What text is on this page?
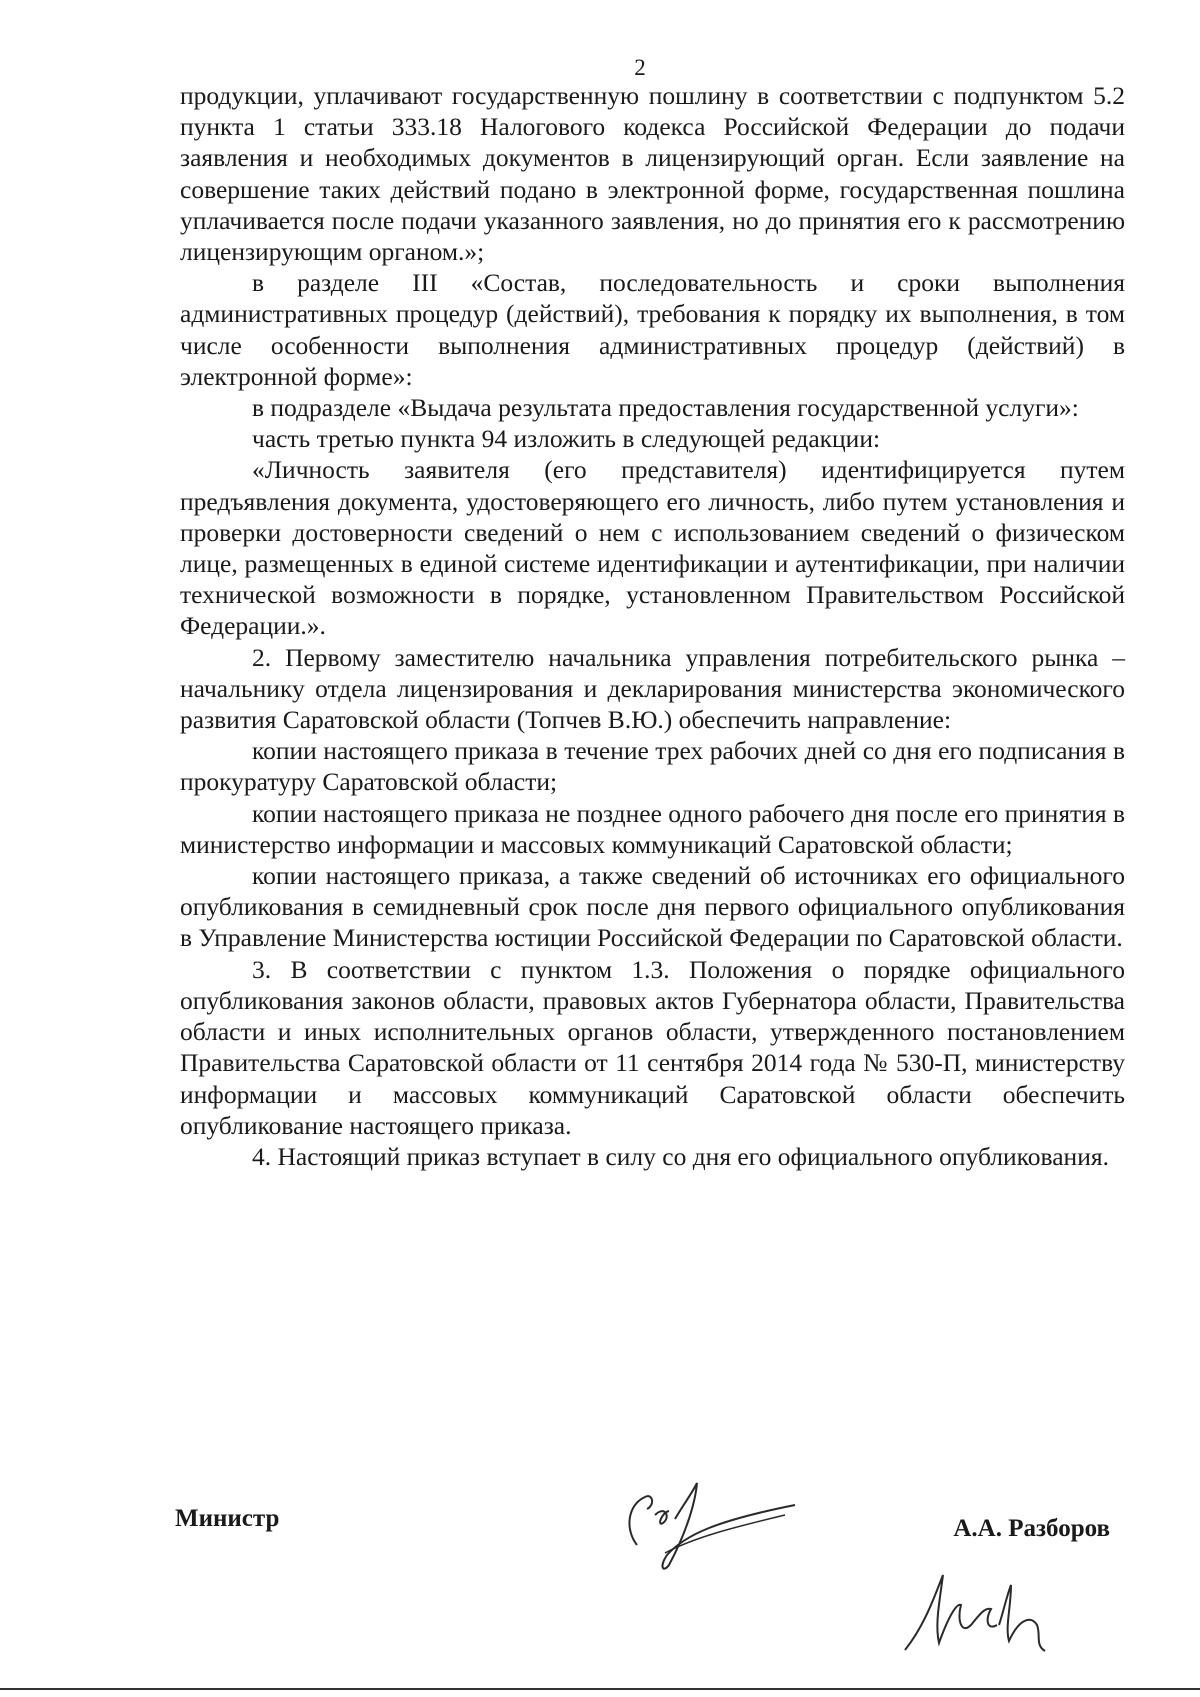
2

продукции, уплачивают государственную пошлину в соответствии с подпунктом 5.2 пункта 1 статьи 333.18 Налогового кодекса Российской Федерации до подачи заявления и необходимых документов в лицензирующий орган. Если заявление на совершение таких действий подано в электронной форме, государственная пошлина уплачивается после подачи указанного заявления, но до принятия его к рассмотрению лицензирующим органом.»;

в разделе III «Состав, последовательность и сроки выполнения административных процедур (действий), требования к порядку их выполнения, в том числе особенности выполнения административных процедур (действий) в электронной форме»:

в подразделе «Выдача результата предоставления государственной услуги»:

часть третью пункта 94 изложить в следующей редакции:

«Личность заявителя (его представителя) идентифицируется путем предъявления документа, удостоверяющего его личность, либо путем установления и проверки достоверности сведений о нем с использованием сведений о физическом лице, размещенных в единой системе идентификации и аутентификации, при наличии технической возможности в порядке, установленном Правительством Российской Федерации.».

2. Первому заместителю начальника управления потребительского рынка – начальнику отдела лицензирования и декларирования министерства экономического развития Саратовской области (Топчев В.Ю.) обеспечить направление:

копии настоящего приказа в течение трех рабочих дней со дня его подписания в прокуратуру Саратовской области;

копии настоящего приказа не позднее одного рабочего дня после его принятия в министерство информации и массовых коммуникаций Саратовской области;

копии настоящего приказа, а также сведений об источниках его официального опубликования в семидневный срок после дня первого официального опубликования в Управление Министерства юстиции Российской Федерации по Саратовской области.

3. В соответствии с пунктом 1.3. Положения о порядке официального опубликования законов области, правовых актов Губернатора области, Правительства области и иных исполнительных органов области, утвержденного постановлением Правительства Саратовской области от 11 сентября 2014 года № 530-П, министерству информации и массовых коммуникаций Саратовской области обеспечить опубликование настоящего приказа.

4. Настоящий приказ вступает в силу со дня его официального опубликования.

Министр	А.А. Разборов
